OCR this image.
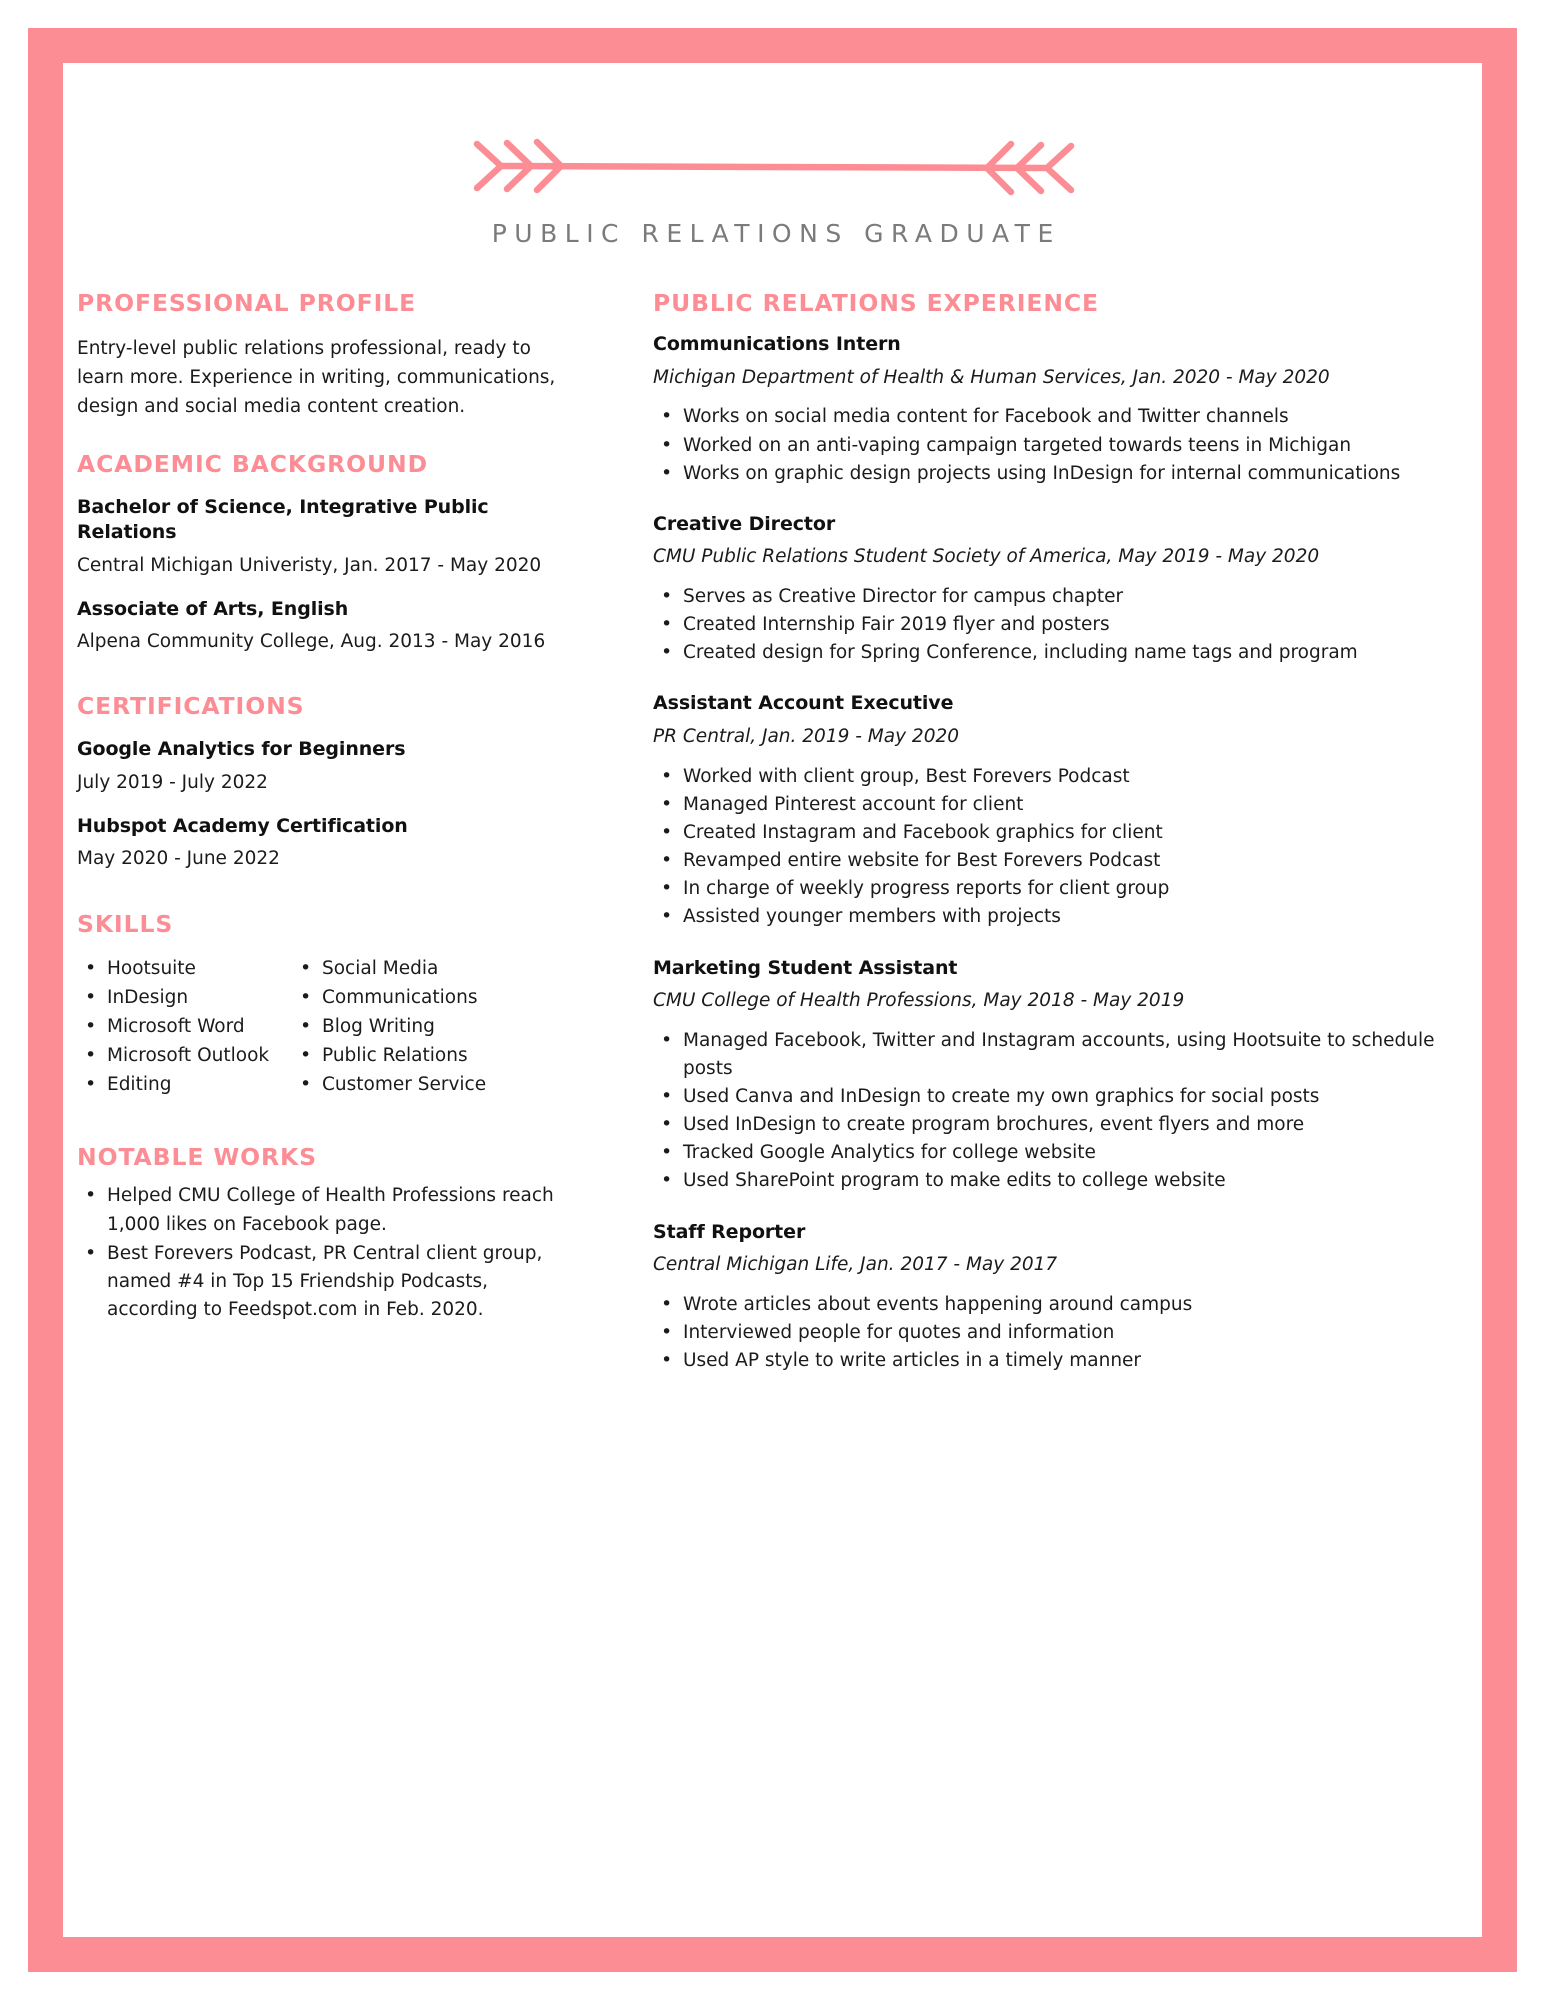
PUBLIC RELATIONS GRADUATE
PROFESSIONAL PROFILE
Entry-level public relations professional, ready to learn more. Experience in writing, communications, design and social media content creation.
ACADEMIC BACKGROUND
Bachelor of Science, Integrative Public Relations
Central Michigan Univeristy, Jan. 2017 - May 2020
Associate of Arts, English
Alpena Community College, Aug. 2013 - May 2016
CERTIFICATIONS
Google Analytics for Beginners
July 2019 - July 2022
Hubspot Academy Certification
May 2020 - June 2022
SKILLS
• Hootsuite
• InDesign
• Microsoft Word
• Microsoft Outlook
• Editing
• Social Media
• Communications
• Blog Writing
• Public Relations
• Customer Service
NOTABLE WORKS
• Helped CMU College of Health Professions reach 1,000 likes on Facebook page.
• Best Forevers Podcast, PR Central client group, named #4 in Top 15 Friendship Podcasts, according to Feedspot.com in Feb. 2020.
PUBLIC RELATIONS EXPERIENCE
Communications Intern
Michigan Department of Health & Human Services, Jan. 2020 - May 2020
• Works on social media content for Facebook and Twitter channels
• Worked on an anti-vaping campaign targeted towards teens in Michigan
• Works on graphic design projects using InDesign for internal communications
Creative Director
CMU Public Relations Student Society of America, May 2019 - May 2020
• Serves as Creative Director for campus chapter
• Created Internship Fair 2019 flyer and posters
• Created design for Spring Conference, including name tags and program
Assistant Account Executive
PR Central, Jan. 2019 - May 2020
• Worked with client group, Best Forevers Podcast
• Managed Pinterest account for client
• Created Instagram and Facebook graphics for client
• Revamped entire website for Best Forevers Podcast
• In charge of weekly progress reports for client group
• Assisted younger members with projects
Marketing Student Assistant
CMU College of Health Professions, May 2018 - May 2019
• Managed Facebook, Twitter and Instagram accounts, using Hootsuite to schedule posts
• Used Canva and InDesign to create my own graphics for social posts
• Used InDesign to create program brochures, event flyers and more
• Tracked Google Analytics for college website
• Used SharePoint program to make edits to college website
Staff Reporter
Central Michigan Life, Jan. 2017 - May 2017
• Wrote articles about events happening around campus
• Interviewed people for quotes and information
• Used AP style to write articles in a timely manner
